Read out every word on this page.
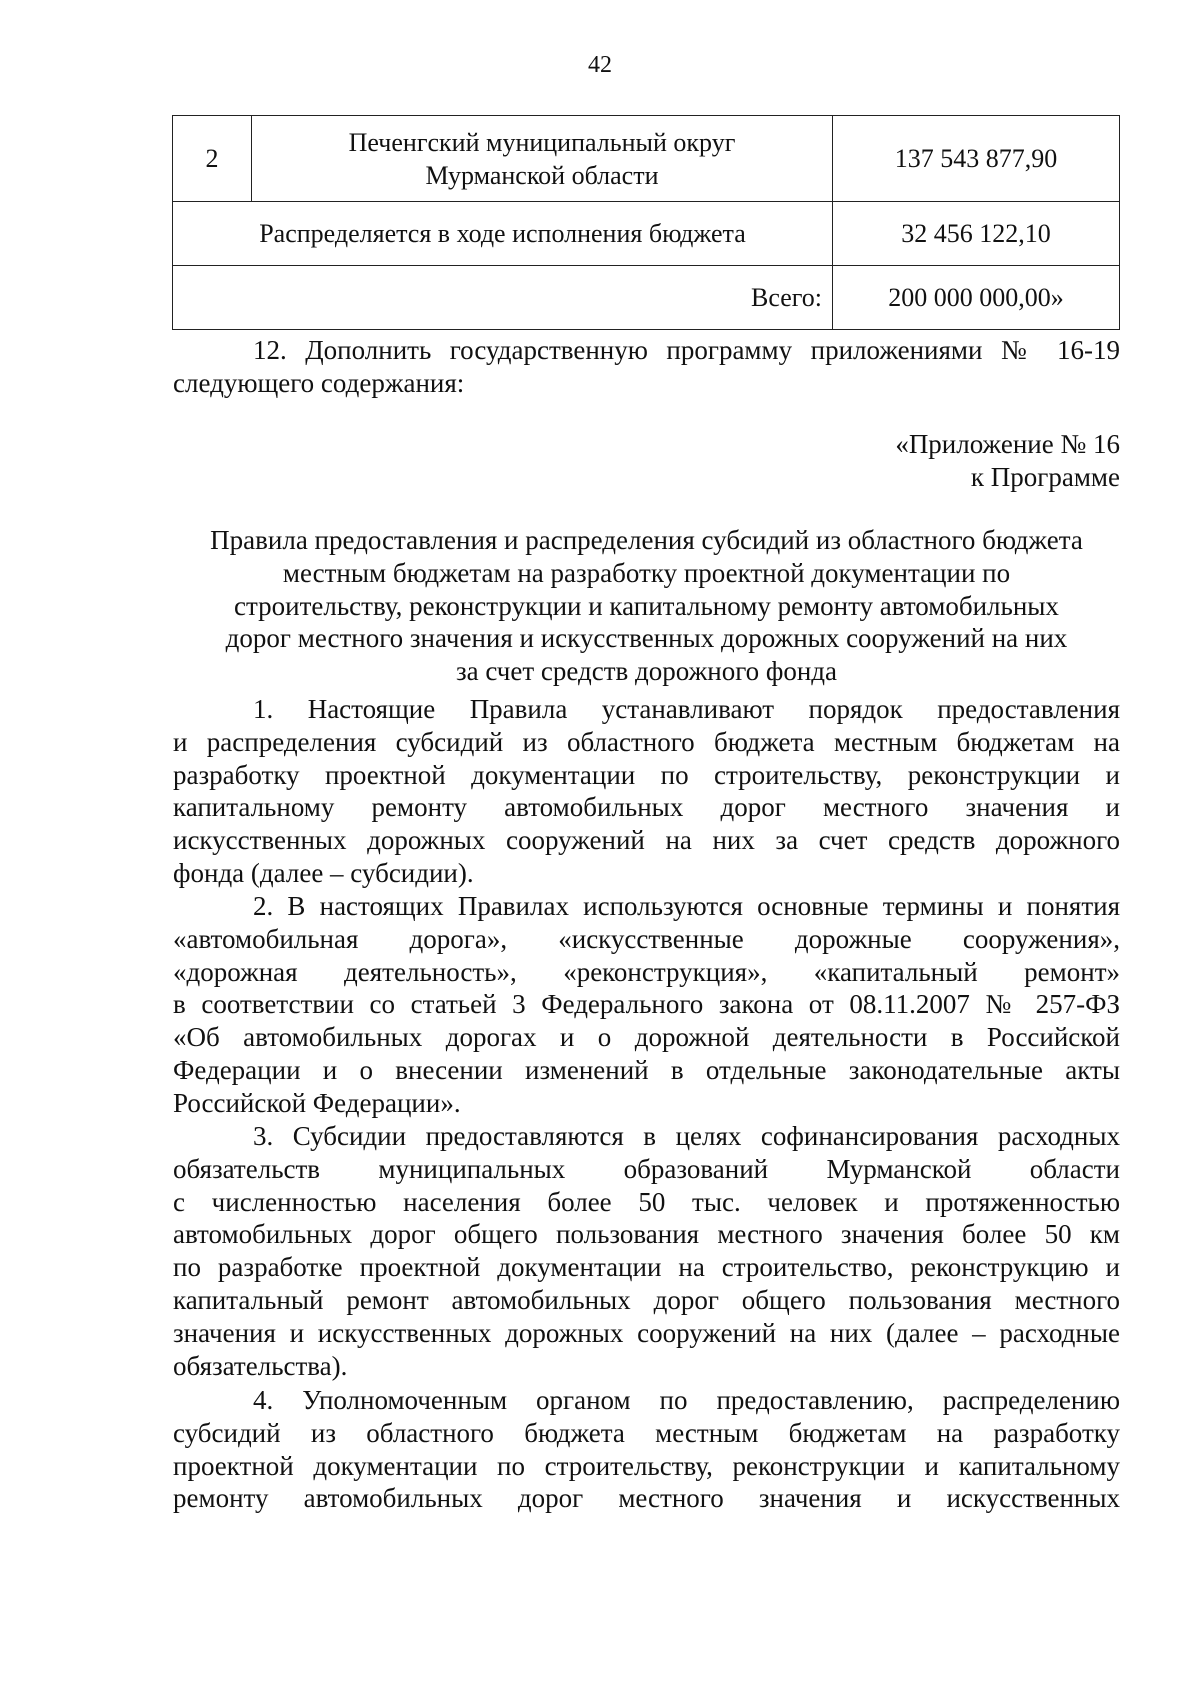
42
2	Печенгский муниципальный округ
Мурманской области	137 543 877,90
Распределяется в ходе исполнения бюджета		32 456 122,10
Всего:		200 000 000,00»
12. Дополнить государственную программу приложениями № 16-19
следующего содержания:
«Приложение № 16
к Программе
Правила предоставления и распределения субсидий из областного бюджета
местным бюджетам на разработку проектной документации по
строительству, реконструкции и капитальному ремонту автомобильных
дорог местного значения и искусственных дорожных сооружений на них
за счет средств дорожного фонда
1. Настоящие Правила устанавливают порядок предоставления
и распределения субсидий из областного бюджета местным бюджетам на
разработку проектной документации по строительству, реконструкции и
капитальному ремонту автомобильных дорог местного значения и
искусственных дорожных сооружений на них за счет средств дорожного
фонда (далее – субсидии).
2. В настоящих Правилах используются основные термины и понятия
«автомобильная дорога», «искусственные дорожные сооружения»,
«дорожная деятельность», «реконструкция», «капитальный ремонт»
в соответствии со статьей 3 Федерального закона от 08.11.2007 № 257-ФЗ
«Об автомобильных дорогах и о дорожной деятельности в Российской
Федерации и о внесении изменений в отдельные законодательные акты
Российской Федерации».
3. Субсидии предоставляются в целях софинансирования расходных
обязательств муниципальных образований Мурманской области
с численностью населения более 50 тыс. человек и протяженностью
автомобильных дорог общего пользования местного значения более 50 км
по разработке проектной документации на строительство, реконструкцию и
капитальный ремонт автомобильных дорог общего пользования местного
значения и искусственных дорожных сооружений на них (далее – расходные
обязательства).
4. Уполномоченным органом по предоставлению, распределению
субсидий из областного бюджета местным бюджетам на разработку
проектной документации по строительству, реконструкции и капитальному
ремонту автомобильных дорог местного значения и искусственных
